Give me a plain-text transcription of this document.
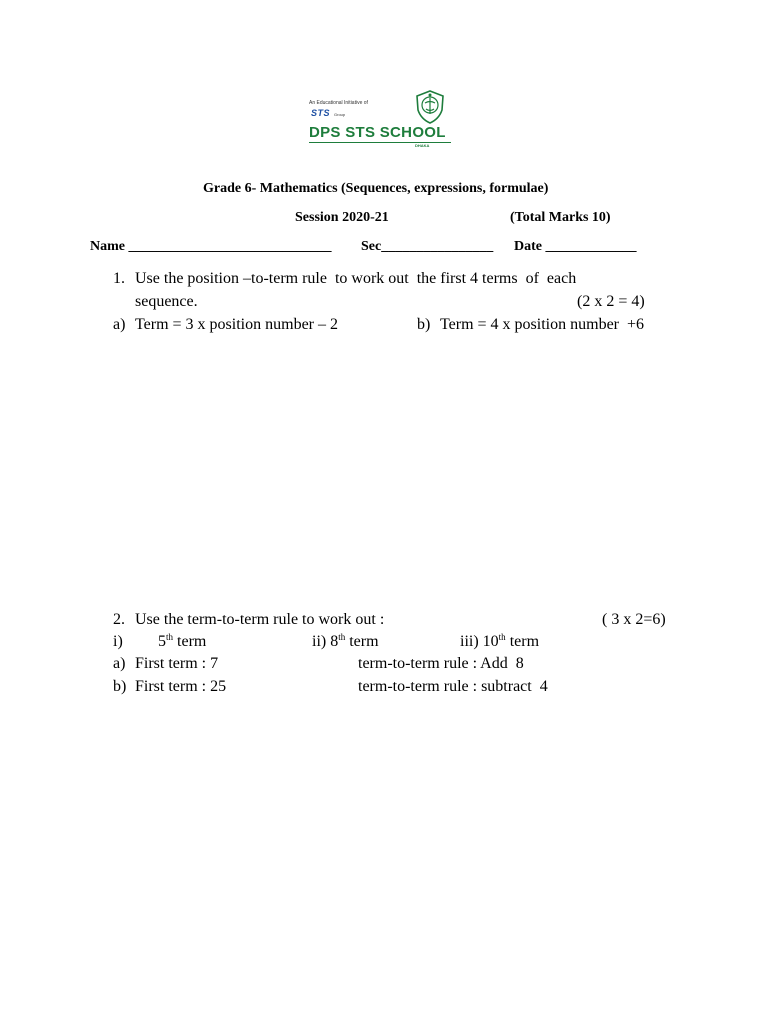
An Educational Initiative of
STS Group
DPS STS SCHOOL
DHAKA
Grade 6- Mathematics (Sequences, expressions, formulae)
Session 2020-21	(Total Marks 10)
Name _____________________________ Sec________________ Date _____________
1. Use the position –to-term rule  to work out  the first 4 terms  of  each
sequence.	(2 x 2 = 4)
a) Term = 3 x position number – 2	b) Term = 4 x position number  +6
2. Use the term-to-term rule to work out :	( 3 x 2=6)
i) 5th term	ii) 8th term	iii) 10th term
a) First term : 7	term-to-term rule : Add  8
b) First term : 25	term-to-term rule : subtract  4
